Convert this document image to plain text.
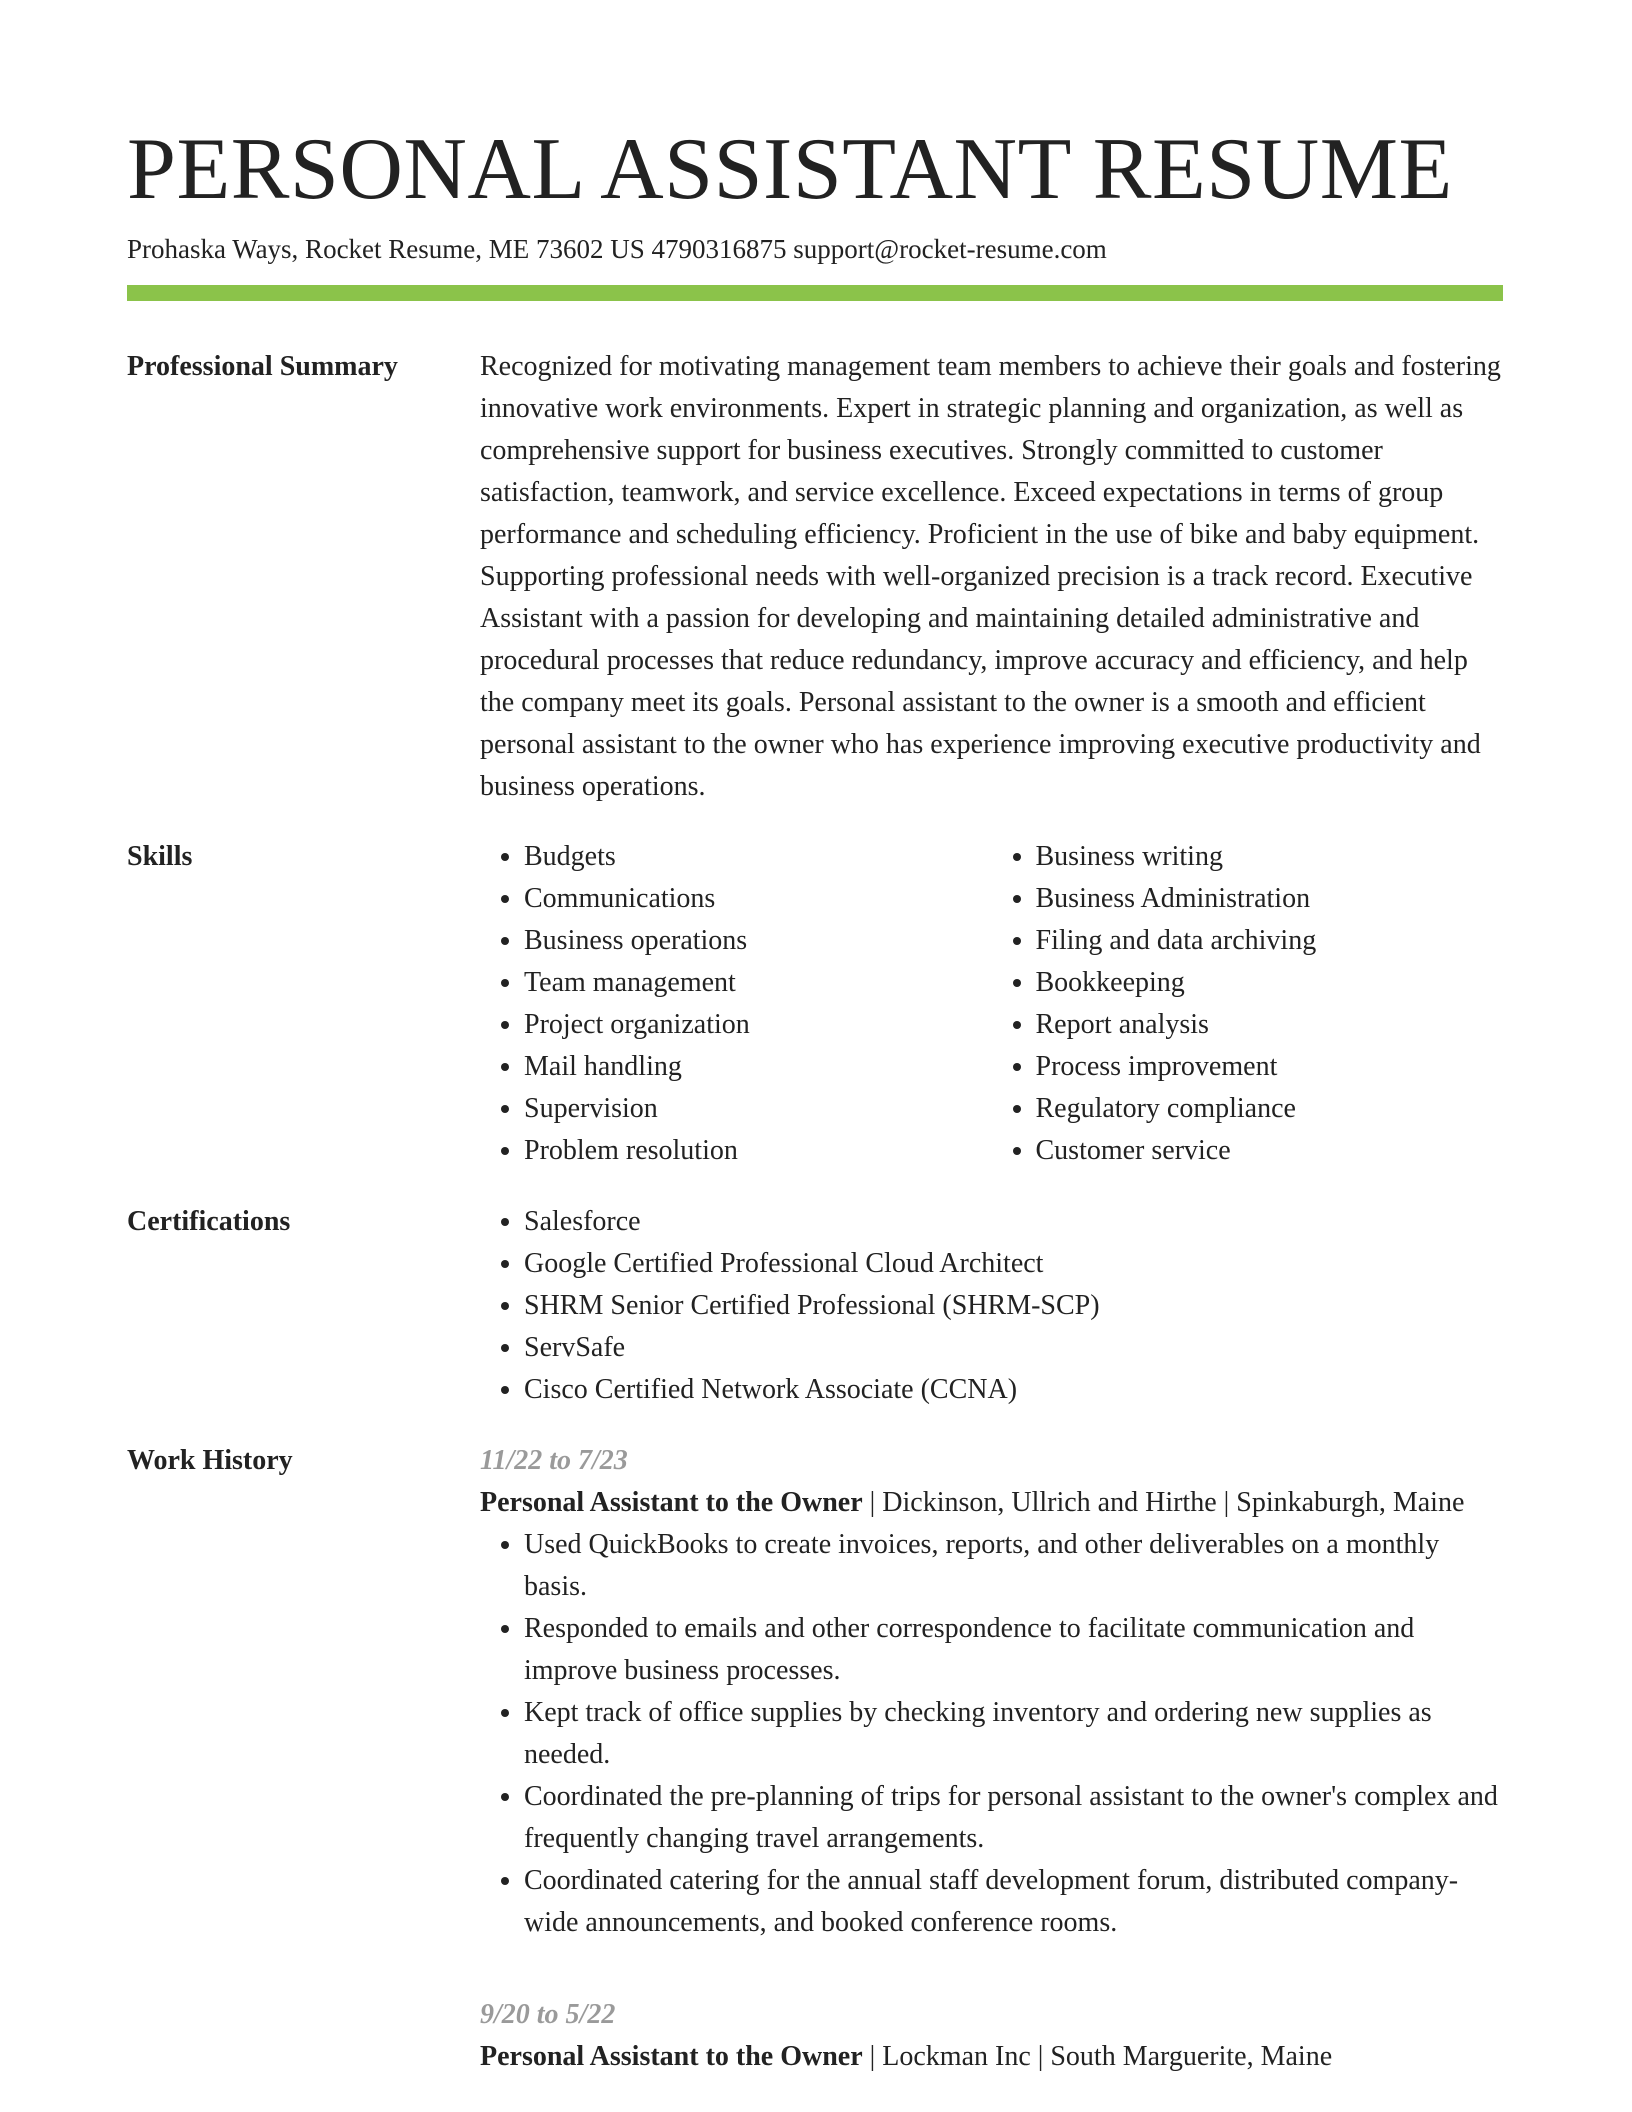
PERSONAL ASSISTANT RESUME
Prohaska Ways, Rocket Resume, ME 73602 US 4790316875 support@rocket-resume.com
Professional Summary	Recognized for motivating management team members to achieve their goals and fostering innovative work environments. Expert in strategic planning and organization, as well as comprehensive support for business executives. Strongly committed to customer satisfaction, teamwork, and service excellence. Exceed expectations in terms of group performance and scheduling efficiency. Proficient in the use of bike and baby equipment. Supporting professional needs with well-organized precision is a track record. Executive Assistant with a passion for developing and maintaining detailed administrative and procedural processes that reduce redundancy, improve accuracy and efficiency, and help the company meet its goals. Personal assistant to the owner is a smooth and efficient personal assistant to the owner who has experience improving executive productivity and business operations.

Skills	• Budgets
• Communications
• Business operations
• Team management
• Project organization
• Mail handling
• Supervision
• Problem resolution
• Business writing
• Business Administration
• Filing and data archiving
• Bookkeeping
• Report analysis
• Process improvement
• Regulatory compliance
• Customer service
Certifications	• Salesforce
• Google Certified Professional Cloud Architect
• SHRM Senior Certified Professional (SHRM-SCP)
• ServSafe
• Cisco Certified Network Associate (CCNA)
Work History	11/22 to 7/23
Personal Assistant to the Owner | Dickinson, Ullrich and Hirthe | Spinkaburgh, Maine
• Used QuickBooks to create invoices, reports, and other deliverables on a monthly basis.
• Responded to emails and other correspondence to facilitate communication and improve business processes.
• Kept track of office supplies by checking inventory and ordering new supplies as needed.
• Coordinated the pre-planning of trips for personal assistant to the owner's complex and frequently changing travel arrangements.
• Coordinated catering for the annual staff development forum, distributed company-wide announcements, and booked conference rooms.
9/20 to 5/22
Personal Assistant to the Owner | Lockman Inc | South Marguerite, Maine
